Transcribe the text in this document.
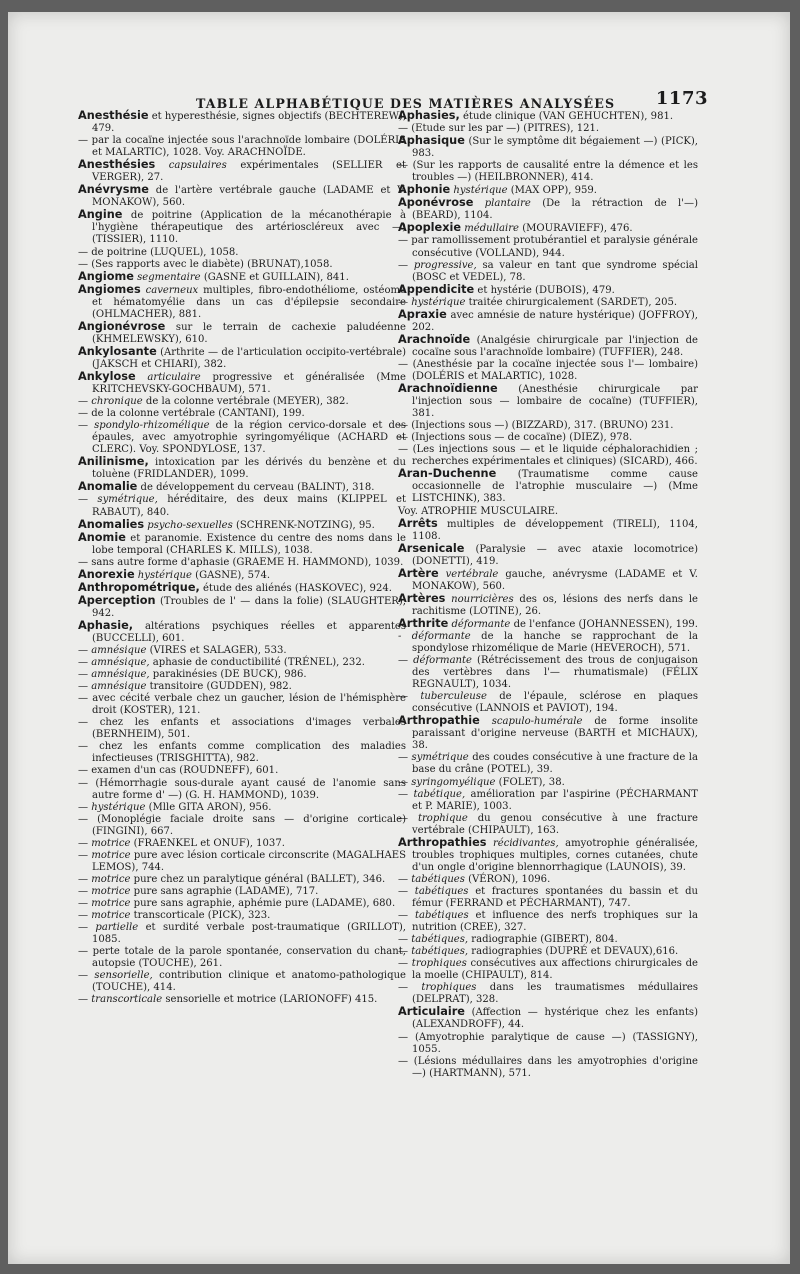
TABLE ALPHABÉTIQUE DES MATIÈRES ANALYSÉES 1173

Anesthésie et hyperesthésie, signes objectifs (BECHTEREW), 479.

— par la cocaïne injectée sous l'arachnoïde lombaire (DOLÉRIS et MALARTIC), 1028. Voy. ARACHNOÏDE.

Anesthésies capsulaires expérimentales (SELLIER et VERGER), 27.

Anévrysme de l'artère vertébrale gauche (LADAME et V. MONAKOW), 560.

Angine de poitrine (Application de la mécanothérapie à l'hygiène thérapeutique des artérioscléreux avec —) (TISSIER), 1110.

— de poitrine (LUQUEL), 1058.

— (Ses rapports avec le diabète) (BRUNAT),1058.

Angiome segmentaire (GASNE et GUILLAIN), 841.

Angiomes caverneux multiples, fibro-endothéliome, ostéome et hématomyélie dans un cas d'épilepsie secondaire (OHLMACHER), 881.

Angionévrose sur le terrain de cachexie paludéenne (KHMELEWSKY), 610.

Ankylosante (Arthrite — de l'articulation occipito-vertébrale) (JAKSCH et CHIARI), 382.

Ankylose articulaire progressive et généralisée (Mme KRITCHEVSKY-GOCHBAUM), 571.

— chronique de la colonne vertébrale (MEYER), 382.

— de la colonne vertébrale (CANTANI), 199.

— spondylo-rhizomélique de la région cervico-dorsale et des épaules, avec amyotrophie syringomyélique (ACHARD et CLERC). Voy. SPONDYLOSE, 137.

Anilinisme, intoxication par les dérivés du benzène et du toluène (FRIDLANDER), 1099.

Anomalie de développement du cerveau (BALINT), 318.

— symétrique, héréditaire, des deux mains (KLIPPEL et RABAUT), 840.

Anomalies psycho-sexuelles (SCHRENK-NOTZING), 95.

Anomie et paranomie. Existence du centre des noms dans le lobe temporal (CHARLES K. MILLS), 1038.

— sans autre forme d'aphasie (GRAEME H. HAMMOND), 1039.

Anorexie hystérique (GASNE), 574.

Anthropométrique, étude des aliénés (HASKOVEC), 924.

Aperception (Troubles de l' — dans la folie) (SLAUGHTER), 942.

Aphasie, altérations psychiques réelles et apparentes (BUCCELLI), 601.

— amnésique (VIRES et SALAGER), 533.

— amnésique, aphasie de conductibilité (TRÉNEL), 232.

— amnésique, parakinésies (DE BUCK), 986.

— amnésique transitoire (GUDDEN), 982.

— avec cécité verbale chez un gaucher, lésion de l'hémisphère droit (KOSTER), 121.

— chez les enfants et associations d'images verbales (BERNHEIM), 501.

— chez les enfants comme complication des maladies infectieuses (TRISGHITTA), 982.

— examen d'un cas (ROUDNEFF), 601.

— (Hémorrhagie sous-durale ayant causé de l'anomie sans autre forme d' —) (G. H. HAMMOND), 1039.

— hystérique (Mlle GITA ARON), 956.

— (Monoplégie faciale droite sans — d'origine corticale) (FINGINI), 667.

— motrice (FRAENKEL et ONUF), 1037.

— motrice pure avec lésion corticale circonscrite (MAGALHAES LEMOS), 744.

— motrice pure chez un paralytique général (BALLET), 346.

— motrice pure sans agraphie (LADAME), 717.

— motrice pure sans agraphie, aphémie pure (LADAME), 680.

— motrice transcorticale (PICK), 323.

— partielle et surdité verbale post-traumatique (GRILLOT), 1085.

— perte totale de la parole spontanée, conservation du chant, autopsie (TOUCHE), 261.

— sensorielle, contribution clinique et anatomo-pathologique (TOUCHE), 414.

— transcorticale sensorielle et motrice (LARIONOFF) 415.

Aphasies, étude clinique (VAN GEHUCHTEN), 981.

— (Etude sur les par —) (PITRES), 121.

Aphasique (Sur le symptôme dit bégaiement —) (PICK), 983.

— (Sur les rapports de causalité entre la démence et les troubles —) (HEILBRONNER), 414.

Aphonie hystérique (MAX OPP), 959.

Aponévrose plantaire (De la rétraction de l'—) (BEARD), 1104.

Apoplexie médullaire (MOURAVIEFF), 476.

— par ramollissement protubérantiel et paralysie générale consécutive (VOLLAND), 944.

— progressive, sa valeur en tant que syndrome spécial (BOSC et VEDEL), 78.

Appendicite et hystérie (DUBOIS), 479.

— hystérique traitée chirurgicalement (SARDET), 205.

Apraxie avec amnésie de nature hystérique) (JOFFROY), 202.

Arachnoïde (Analgésie chirurgicale par l'injection de cocaïne sous l'arachnoïde lombaire) (TUFFIER), 248.

— (Anesthésie par la cocaïne injectée sous l'— lombaire) (DOLÉRIS et MALARTIC), 1028.

Arachnoïdienne (Anesthésie chirurgicale par l'injection sous — lombaire de cocaïne) (TUFFIER), 381.

— (Injections sous —) (BIZZARD), 317. (BRUNO) 231.

— (Injections sous — de cocaïne) (DIEZ), 978.

— (Les injections sous — et le liquide céphalorachidien ; recherches expérimentales et cliniques) (SICARD), 466.

Aran-Duchenne (Traumatisme comme cause occasionnelle de l'atrophie musculaire —) (Mme LISTCHINK), 383.

Voy. ATROPHIE MUSCULAIRE.

Arrêts multiples de développement (TIRELI), 1104, 1108.

Arsenicale (Paralysie — avec ataxie locomotrice) (DONETTI), 419.

Artère vertébrale gauche, anévrysme (LADAME et V. MONAKOW), 560.

Artères nourricières des os, lésions des nerfs dans le rachitisme (LOTINE), 26.

Arthrite déformante de l'enfance (JOHANNESSEN), 199.

- déformante de la hanche se rapprochant de la spondylose rhizomélique de Marie (HEVEROCH), 571.

— déformante (Rétrécissement des trous de conjugaison des vertèbres dans l'— rhumatismale) (FÉLIX REGNAULT), 1034.

— tuberculeuse de l'épaule, sclérose en plaques consécutive (LANNOIS et PAVIOT), 194.

Arthropathie scapulo-humérale de forme insolite paraissant d'origine nerveuse (BARTH et MICHAUX), 38.

— symétrique des coudes consécutive à une fracture de la base du crâne (POTEL), 39.

— syringomyélique (FOLET), 38.

— tabétique, amélioration par l'aspirine (PÉCHARMANT et P. MARIE), 1003.

— trophique du genou consécutive à une fracture vertébrale (CHIPAULT), 163.

Arthropathies récidivantes, amyotrophie généralisée, troubles trophiques multiples, cornes cutanées, chute d'un ongle d'origine blennorrhagique (LAUNOIS), 39.

— tabétiques (VÉRON), 1096.

— tabétiques et fractures spontanées du bassin et du fémur (FERRAND et PÉCHARMANT), 747.

— tabétiques et influence des nerfs trophiques sur la nutrition (CREE), 327.

— tabétiques, radiographie (GIBERT), 804.

— tabétiques, radiographies (DUPRÉ et DEVAUX),616.

— trophiques consécutives aux affections chirurgicales de la moelle (CHIPAULT), 814.

— trophiques dans les traumatismes médullaires (DELPRAT), 328.

Articulaire (Affection — hystérique chez les enfants) (ALEXANDROFF), 44.

— (Amyotrophie paralytique de cause —) (TASSIGNY), 1055.

— (Lésions médullaires dans les amyotrophies d'origine —) (HARTMANN), 571.
